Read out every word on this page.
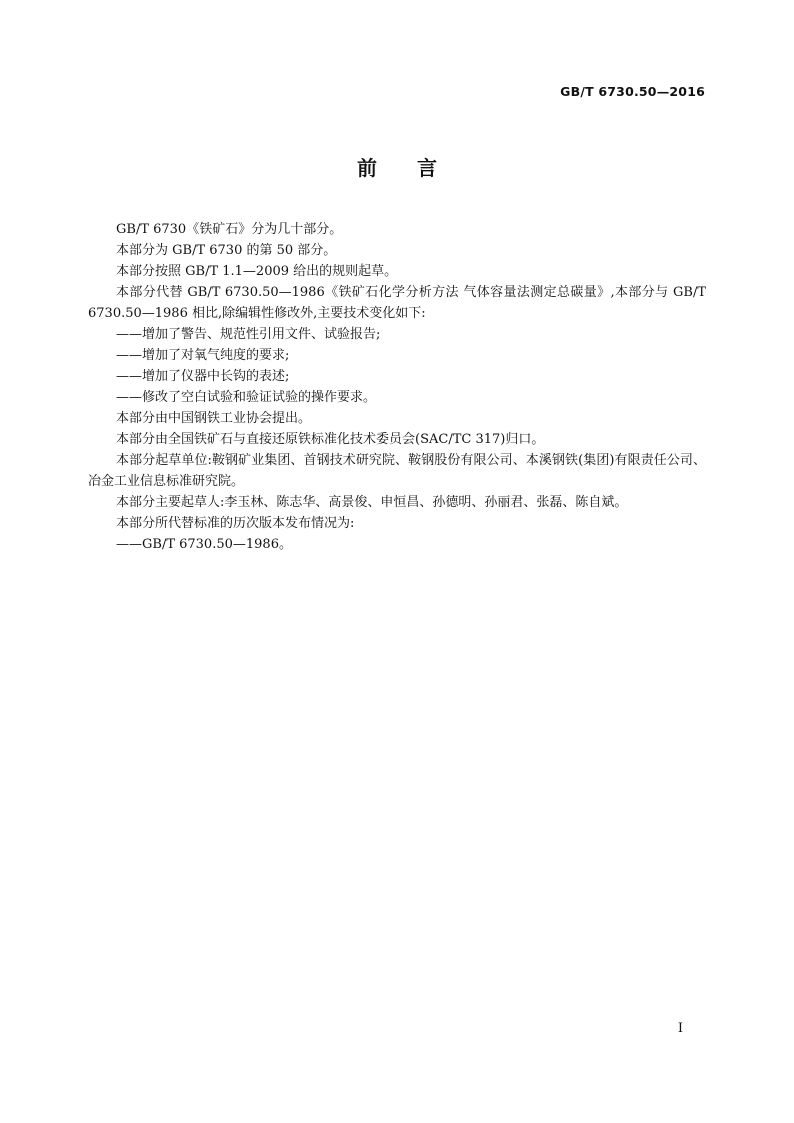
GB/T 6730.50—2016
前 言

GB/T 6730《铁矿石》分为几十部分。

本部分为 GB/T 6730 的第 50 部分。

本部分按照 GB/T 1.1—2009 给出的规则起草。

本部分代替 GB/T 6730.50—1986《铁矿石化学分析方法 气体容量法测定总碳量》,本部分与 GB/T 6730.50—1986 相比,除编辑性修改外,主要技术变化如下:

——增加了警告、规范性引用文件、试验报告;

——增加了对氧气纯度的要求;

——增加了仪器中长钩的表述;

——修改了空白试验和验证试验的操作要求。

本部分由中国钢铁工业协会提出。

本部分由全国铁矿石与直接还原铁标准化技术委员会(SAC/TC 317)归口。

本部分起草单位:鞍钢矿业集团、首钢技术研究院、鞍钢股份有限公司、本溪钢铁(集团)有限责任公司、冶金工业信息标准研究院。

本部分主要起草人:李玉林、陈志华、高景俊、申恒昌、孙德明、孙丽君、张磊、陈自斌。

本部分所代替标准的历次版本发布情况为:

——GB/T 6730.50—1986。

I
